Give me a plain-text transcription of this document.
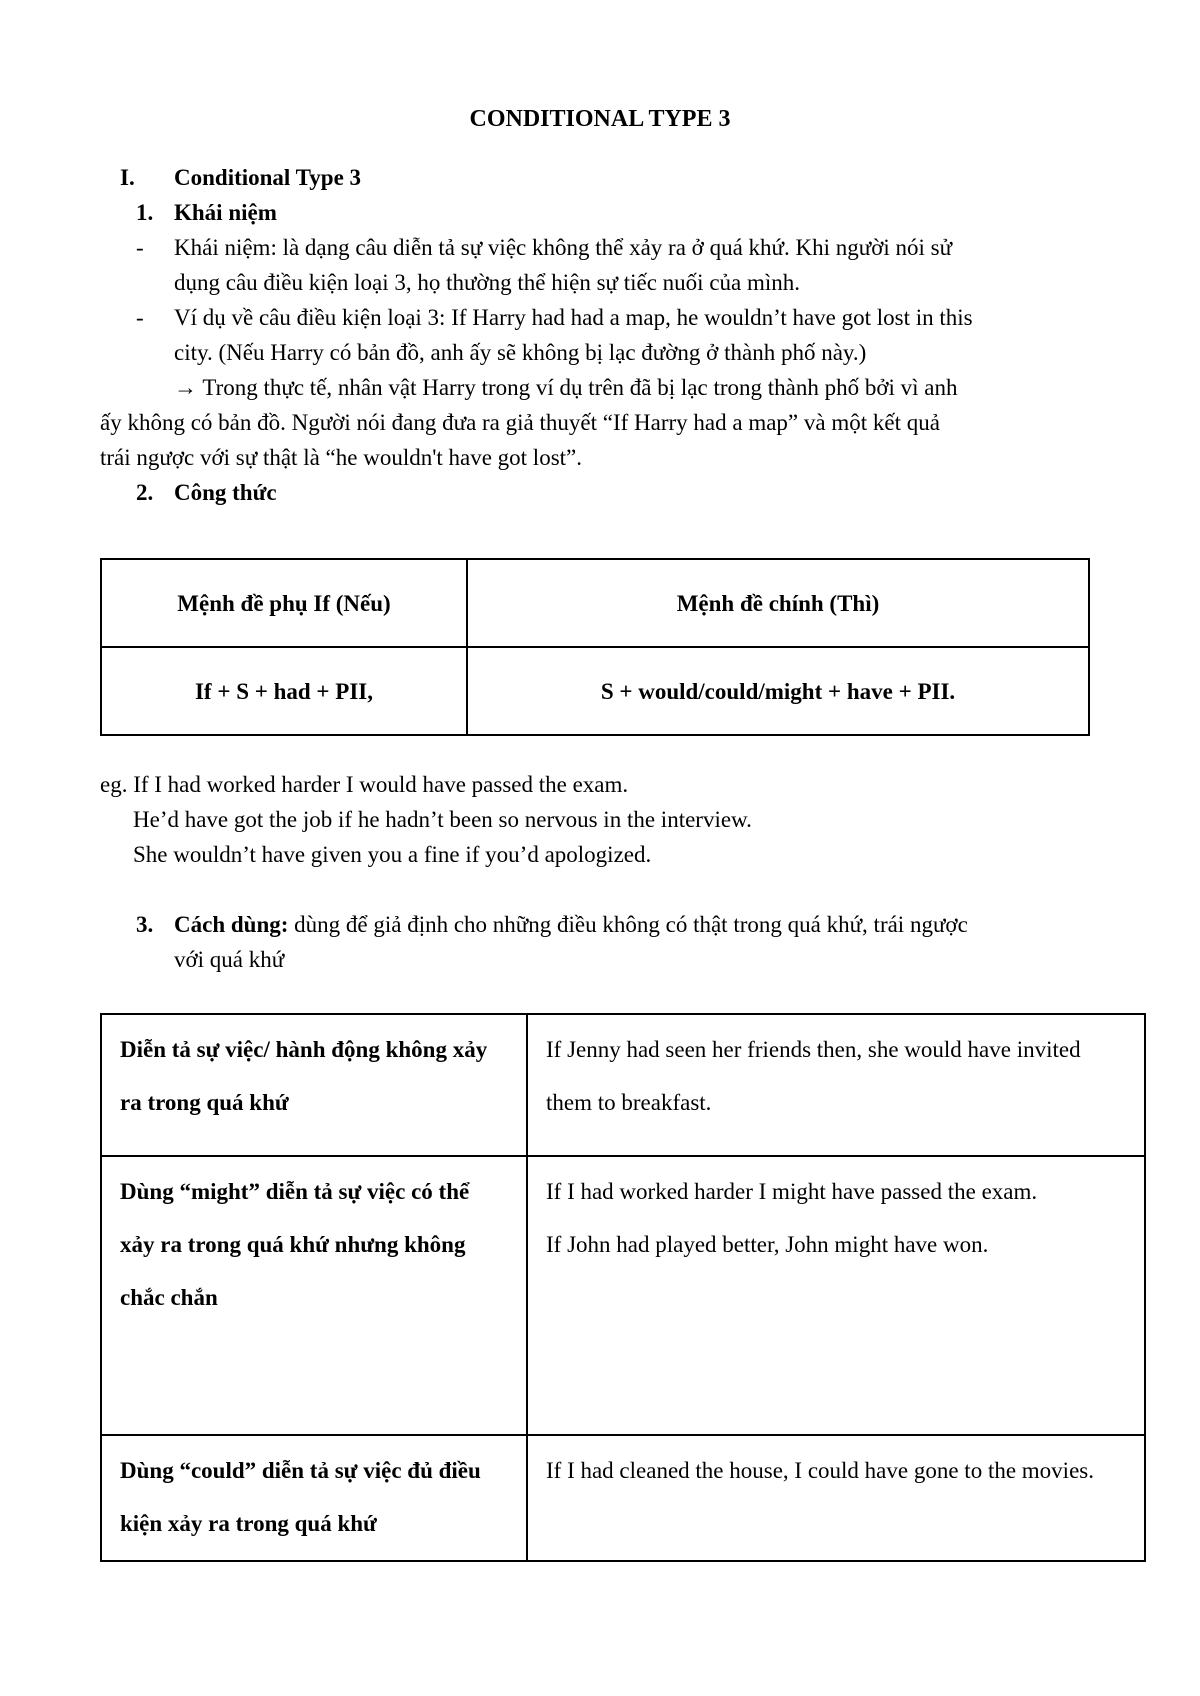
CONDITIONAL TYPE 3
I. Conditional Type 3
1. Khái niệm
- Khái niệm: là dạng câu diễn tả sự việc không thể xảy ra ở quá khứ. Khi người nói sử
dụng câu điều kiện loại 3, họ thường thể hiện sự tiếc nuối của mình.
- Ví dụ về câu điều kiện loại 3: If Harry had had a map, he wouldn’t have got lost in this
city. (Nếu Harry có bản đồ, anh ấy sẽ không bị lạc đường ở thành phố này.)
→ Trong thực tế, nhân vật Harry trong ví dụ trên đã bị lạc trong thành phố bởi vì anh
ấy không có bản đồ. Người nói đang đưa ra giả thuyết “If Harry had a map” và một kết quả
trái ngược với sự thật là “he wouldn't have got lost”.
2. Công thức
Mệnh đề phụ If (Nếu)	Mệnh đề chính (Thì)
If + S + had + PII,	S + would/could/might + have + PII.
eg. If I had worked harder I would have passed the exam.
He’d have got the job if he hadn’t been so nervous in the interview.
She wouldn’t have given you a fine if you’d apologized.
3. Cách dùng: dùng để giả định cho những điều không có thật trong quá khứ, trái ngược
với quá khứ
Diễn tả sự việc/ hành động không xảy ra trong quá khứ	If Jenny had seen her friends then, she would have invited them to breakfast.

Dùng “might” diễn tả sự việc có thể xảy ra trong quá khứ nhưng không chắc chắn	If I had worked harder I might have passed the exam.
If John had played better, John might have won.

Dùng “could” diễn tả sự việc đủ điều kiện xảy ra trong quá khứ	If I had cleaned the house, I could have gone to the movies.
